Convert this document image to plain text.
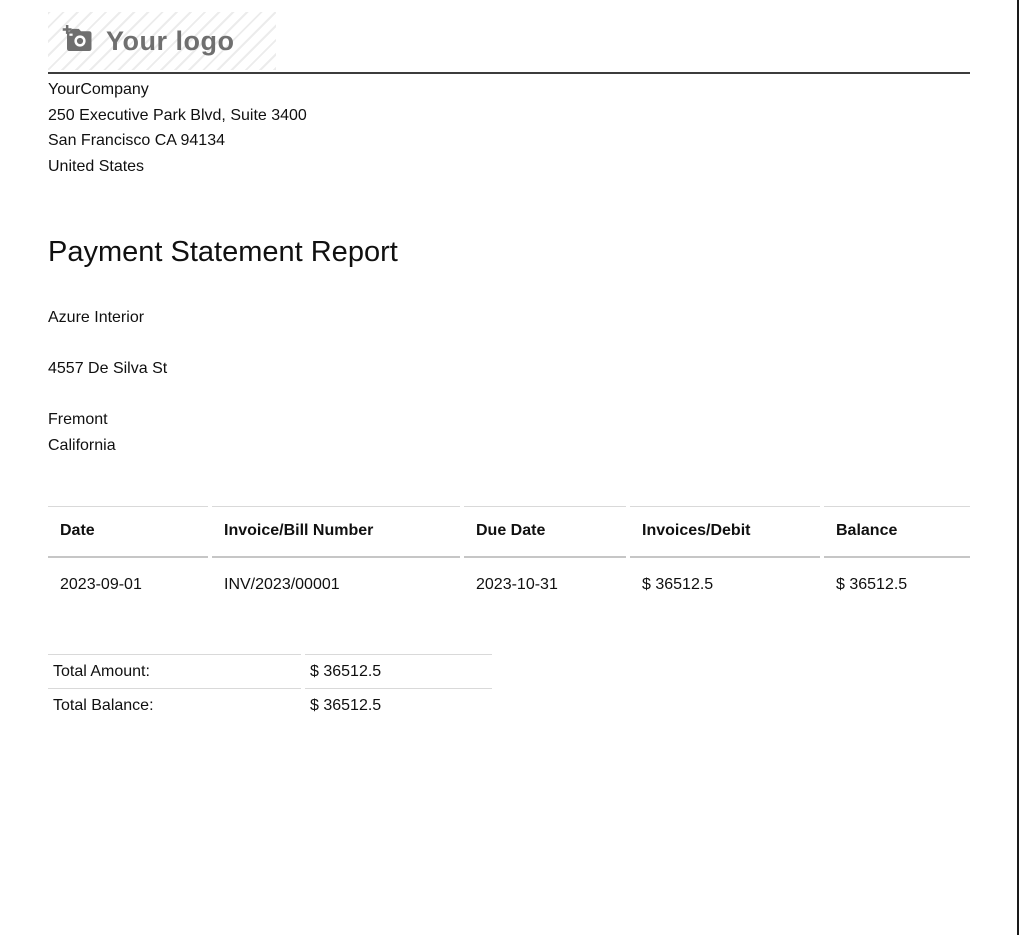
Your logo
YourCompany
250 Executive Park Blvd, Suite 3400
San Francisco CA 94134
United States
Payment Statement Report
Azure Interior
4557 De Silva St
Fremont
California
Date	Invoice/Bill Number	Due Date	Invoices/Debit	Balance
2023-09-01	INV/2023/00001	2023-10-31	$ 36512.5	$ 36512.5
Total Amount:	$ 36512.5
Total Balance:	$ 36512.5
